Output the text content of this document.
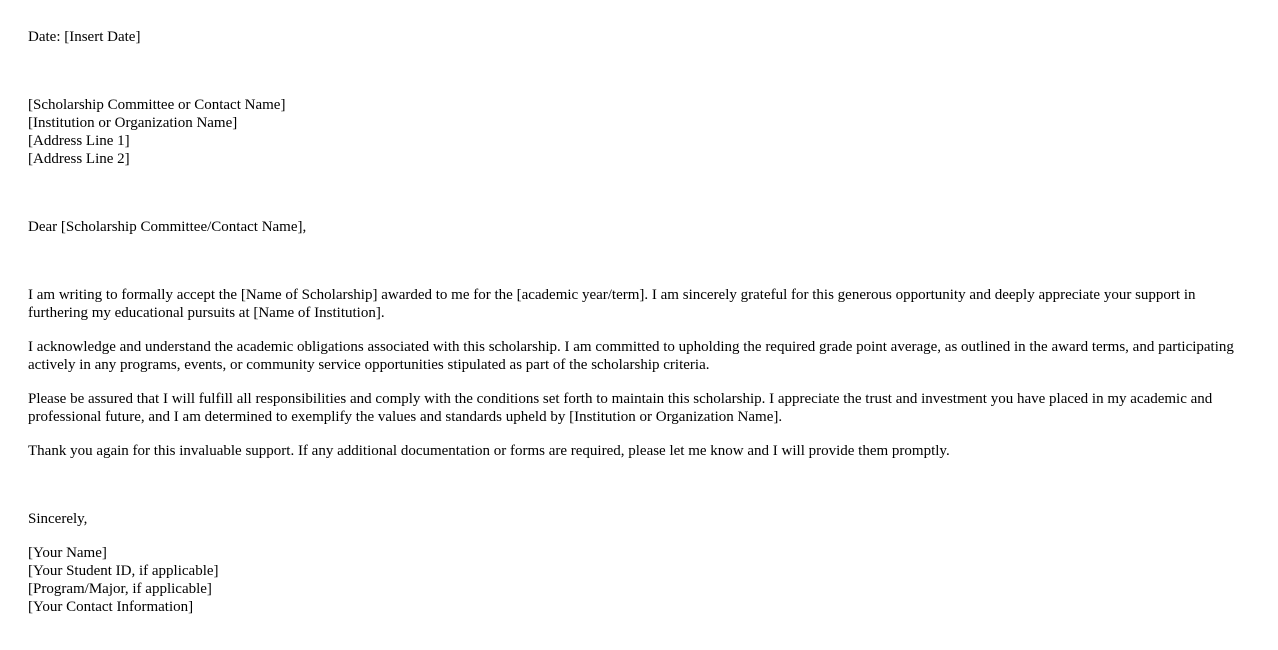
Date: [Insert Date]
[Scholarship Committee or Contact Name]
[Institution or Organization Name]
[Address Line 1]
[Address Line 2]
Dear [Scholarship Committee/Contact Name],

I am writing to formally accept the [Name of Scholarship] awarded to me for the [academic year/term]. I am sincerely grateful for this generous opportunity and deeply appreciate your support in furthering my educational pursuits at [Name of Institution].

I acknowledge and understand the academic obligations associated with this scholarship. I am committed to upholding the required grade point average, as outlined in the award terms, and participating actively in any programs, events, or community service opportunities stipulated as part of the scholarship criteria.

Please be assured that I will fulfill all responsibilities and comply with the conditions set forth to maintain this scholarship. I appreciate the trust and investment you have placed in my academic and professional future, and I am determined to exemplify the values and standards upheld by [Institution or Organization Name].

Thank you again for this invaluable support. If any additional documentation or forms are required, please let me know and I will provide them promptly.

Sincerely,
[Your Name]
[Your Student ID, if applicable]
[Program/Major, if applicable]
[Your Contact Information]
